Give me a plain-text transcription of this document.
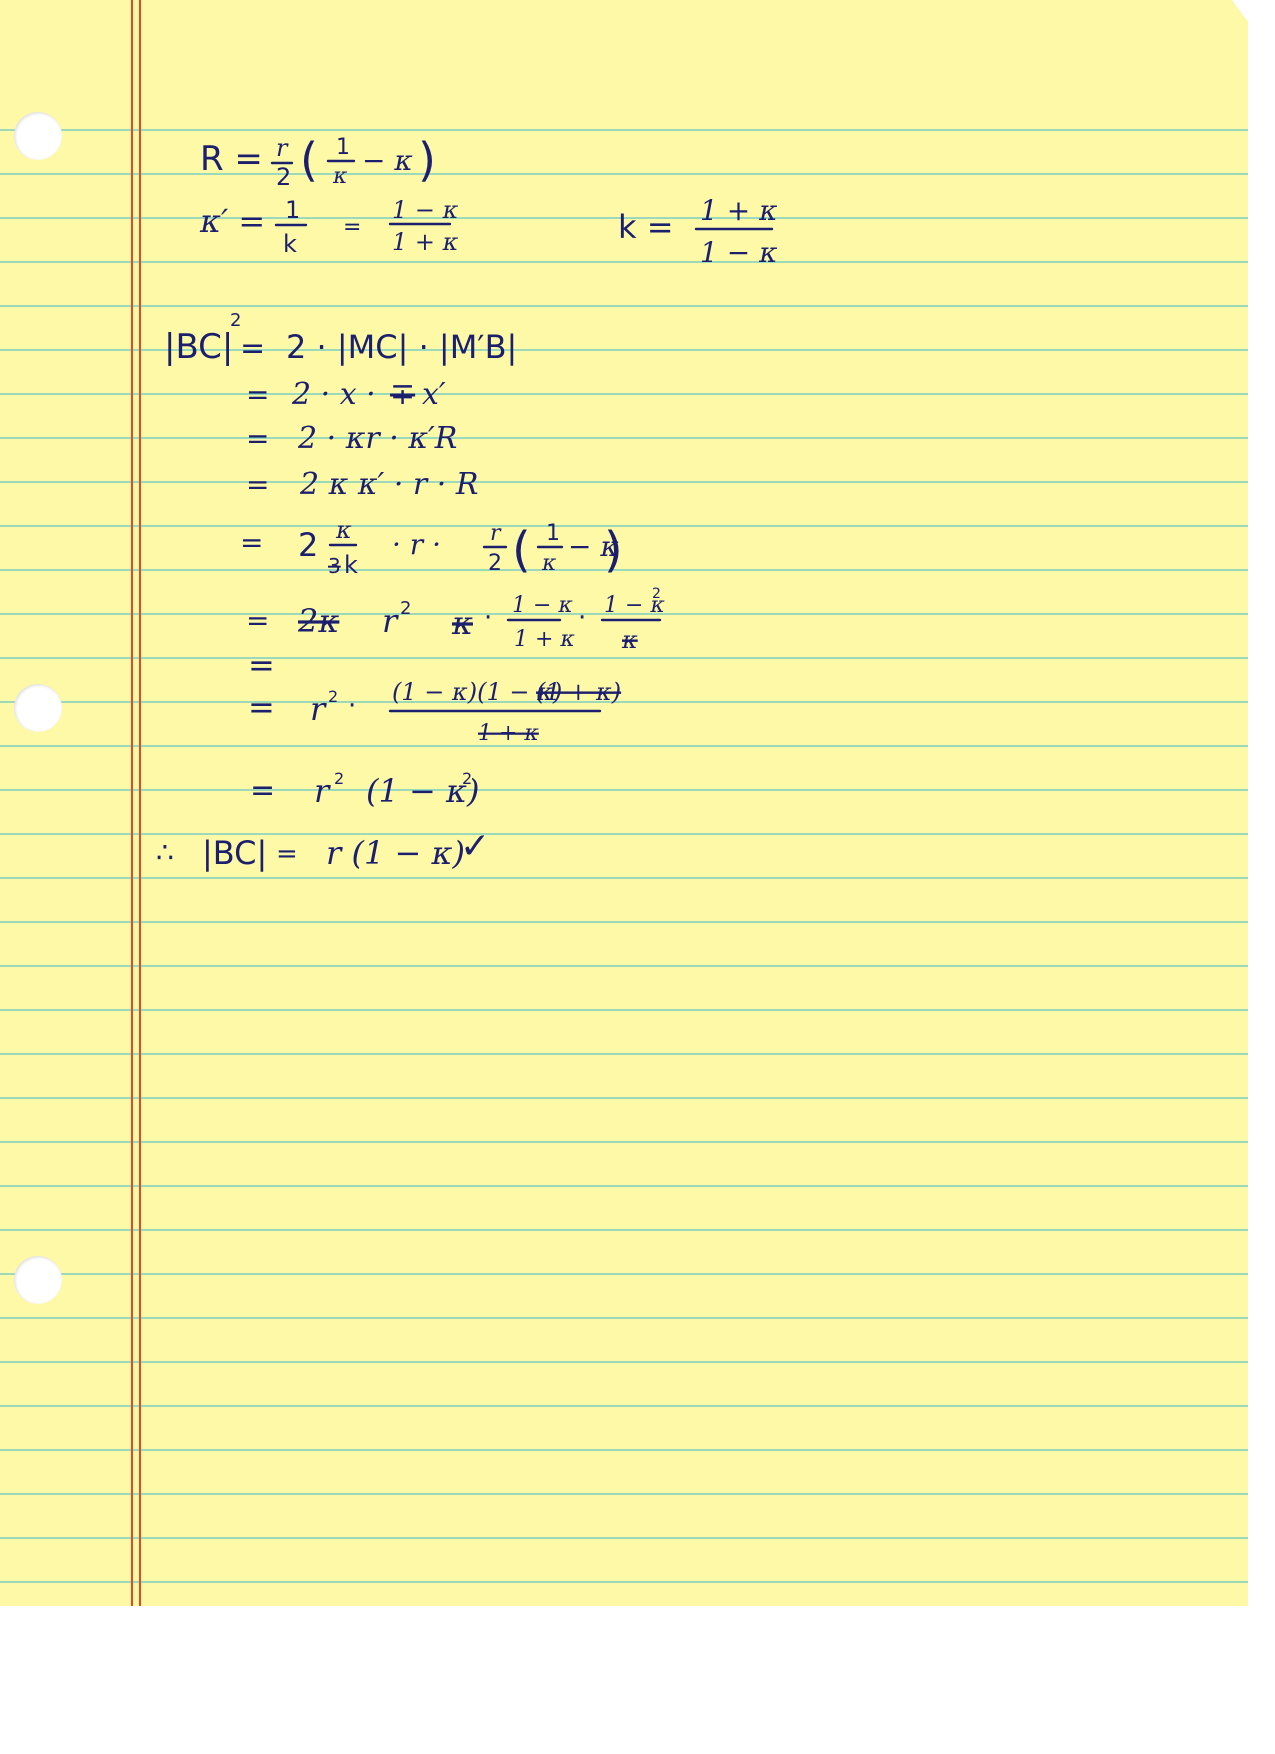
R = r
2 ( 1
κ − κ )
κ′ = 1
k
=
1 − κ
1 + κ	k = 1 + κ
1 − κ
|BC|
2
= 2 · |MC| · |M′B|
= 2 · x · ∓ x′
= 2 · κr · κ′R
= 2 κ κ′ · r · R
= 2 κ
3 k
· r · r
2 ( 1
κ
− κ
)
= 2κ r 2 κ · 1 − κ
1 + κ
· 1 − κ
2
κ
=
= r 2 · (1 − κ)(1 − κ)
(1 + κ)
1 + κ
= r 2 (1 − κ)
2
∴ |BC| = r (1 − κ)
✓
